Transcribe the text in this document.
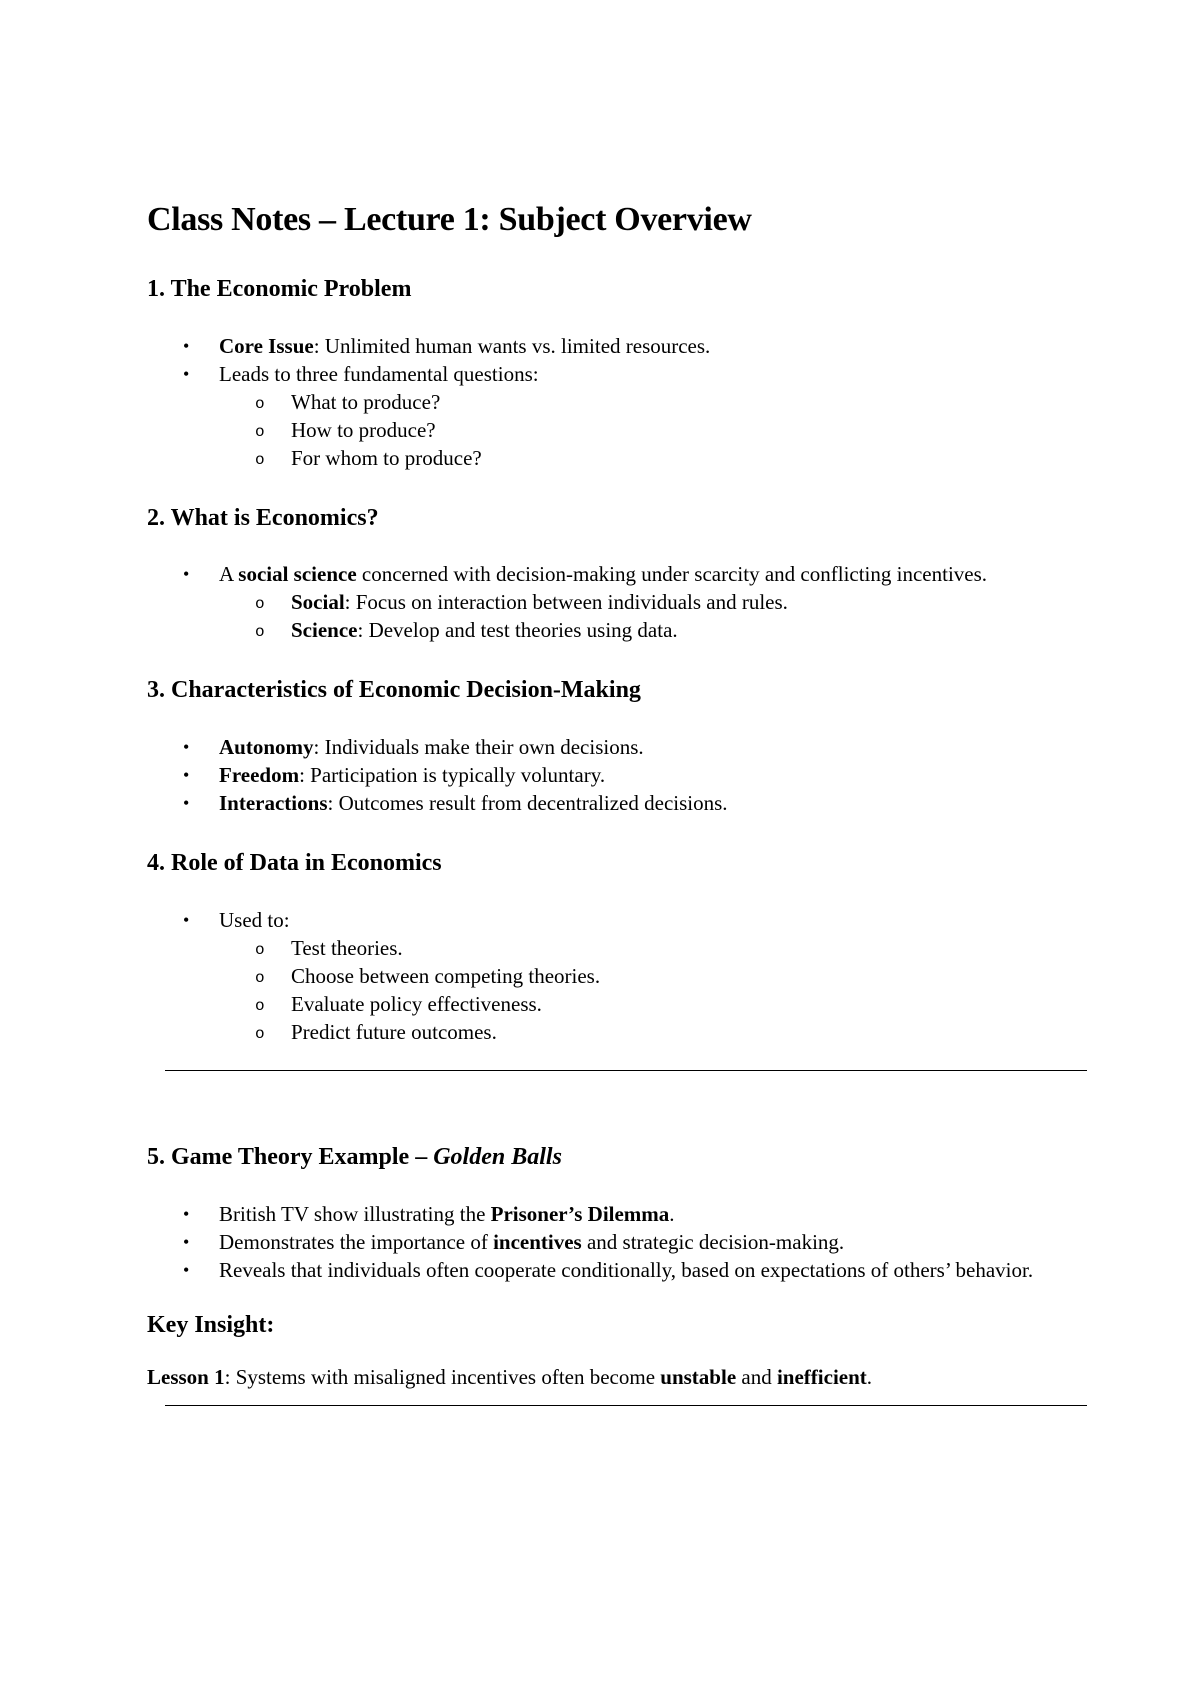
Class Notes – Lecture 1: Subject Overview
1. The Economic Problem
• Core Issue: Unlimited human wants vs. limited resources.
• Leads to three fundamental questions:
o What to produce?
o How to produce?
o For whom to produce?
2. What is Economics?
• A social science concerned with decision-making under scarcity and conflicting incentives.
o Social: Focus on interaction between individuals and rules.
o Science: Develop and test theories using data.
3. Characteristics of Economic Decision-Making
• Autonomy: Individuals make their own decisions.
• Freedom: Participation is typically voluntary.
• Interactions: Outcomes result from decentralized decisions.
4. Role of Data in Economics
• Used to:
o Test theories.
o Choose between competing theories.
o Evaluate policy effectiveness.
o Predict future outcomes.
5. Game Theory Example – Golden Balls
• British TV show illustrating the Prisoner’s Dilemma.
• Demonstrates the importance of incentives and strategic decision-making.
• Reveals that individuals often cooperate conditionally, based on expectations of others’ behavior.
Key Insight:

Lesson 1: Systems with misaligned incentives often become unstable and inefficient.
